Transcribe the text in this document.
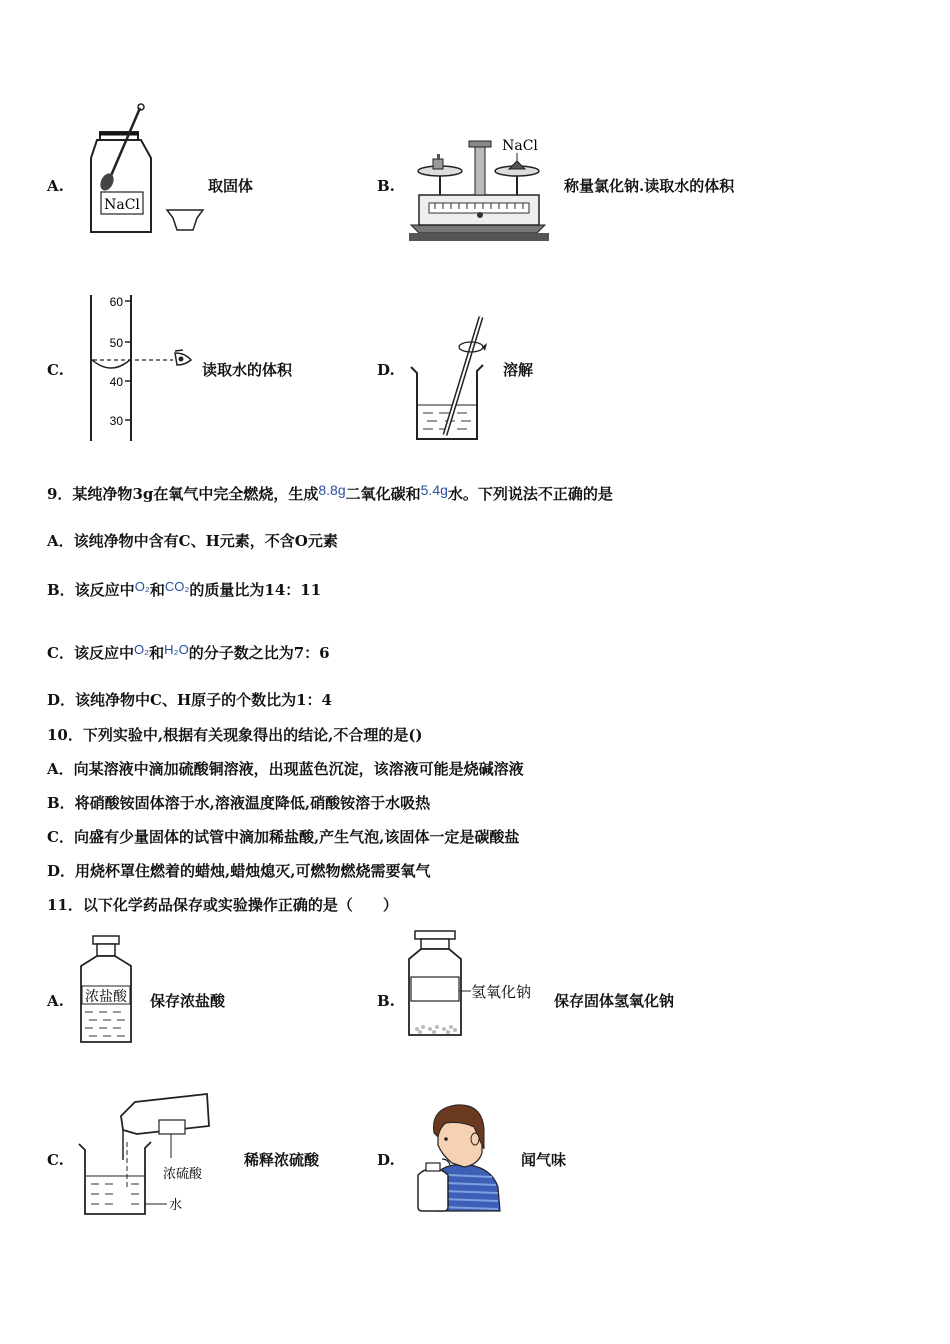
A.
NaCl
取固体	B.
NaCl
称量氯化钠.读取水的体积
C.
60
50
40
30
读取水的体积	D.	溶解
9．某纯净物3g在氧气中完全燃烧，生成8.8g二氧化碳和5.4g水。下列说法不正确的是
A．该纯净物中含有C、H元素，不含O元素
B．该反应中O₂和CO₂的质量比为14：11
C．该反应中O₂和H₂O的分子数之比为7：6
D．该纯净物中C、H原子的个数比为1：4
10．下列实验中,根据有关现象得出的结论,不合理的是()
A．向某溶液中滴加硫酸铜溶液，出现蓝色沉淀，该溶液可能是烧碱溶液
B．将硝酸铵固体溶于水,溶液温度降低,硝酸铵溶于水吸热
C．向盛有少量固体的试管中滴加稀盐酸,产生气泡,该固体一定是碳酸盐
D．用烧杯罩住燃着的蜡烛,蜡烛熄灭,可燃物燃烧需要氧气
11．以下化学药品保存或实验操作正确的是（　　）
A. 浓盐酸 保存浓盐酸	B.	氢氧化钠 保存固体氢氧化钠
C.
浓硫酸
水
稀释浓硫酸	D.	闻气味
